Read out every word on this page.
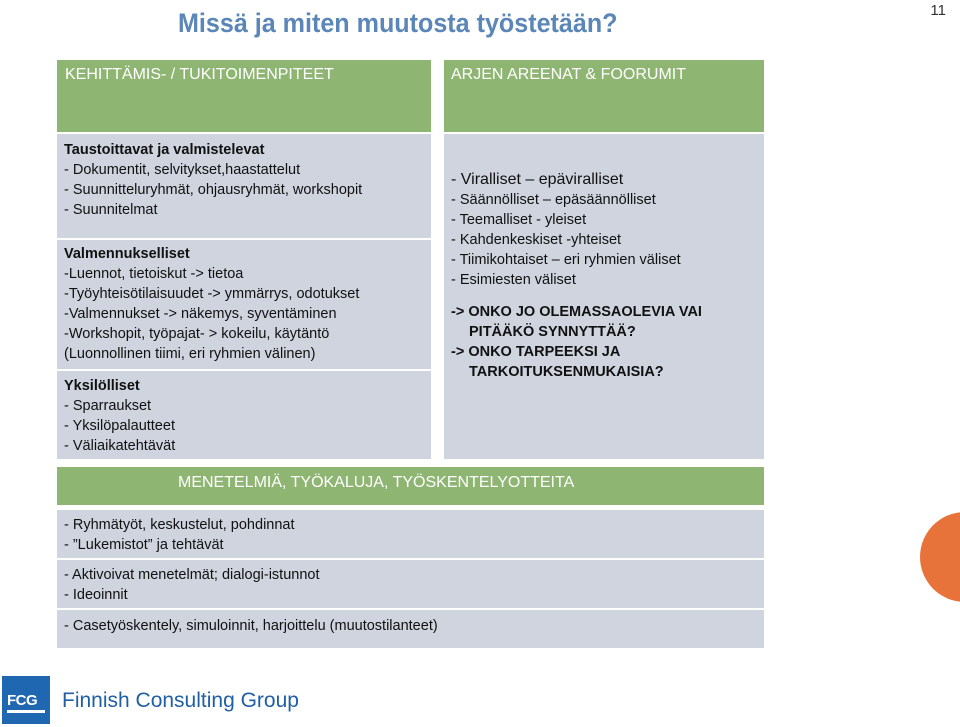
Missä ja miten muutosta työstetään?	11
KEHITTÄMIS- / TUKITOIMENPITEET
Taustoittavat ja valmistelevat
- Dokumentit, selvitykset,haastattelut
- Suunnitteluryhmät, ohjausryhmät, workshopit
- Suunnitelmat
Valmennukselliset
-Luennot, tietoiskut -> tietoa
-Työyhteisötilaisuudet -> ymmärrys, odotukset
-Valmennukset -> näkemys, syventäminen
-Workshopit, työpajat- > kokeilu, käytäntö
(Luonnollinen tiimi, eri ryhmien välinen)
Yksilölliset
- Sparraukset
- Yksilöpalautteet
- Väliaikatehtävät
ARJEN AREENAT & FOORUMIT
- Viralliset – epäviralliset
- Säännölliset – epäsäännölliset
- Teemalliset - yleiset
- Kahdenkeskiset -yhteiset
- Tiimikohtaiset – eri ryhmien väliset
- Esimiesten väliset
-> ONKO JO OLEMASSAOLEVIA VAI
PITÄÄKÖ SYNNYTTÄÄ?
-> ONKO TARPEEKSI JA
TARKOITUKSENMUKAISIA?
MENETELMIÄ, TYÖKALUJA, TYÖSKENTELYOTTEITA
- Ryhmätyöt, keskustelut, pohdinnat
- ”Lukemistot” ja tehtävät
- Aktivoivat menetelmät; dialogi-istunnot
- Ideoinnit
- Casetyöskentely, simuloinnit, harjoittelu (muutostilanteet)
FCG Finnish Consulting Group
